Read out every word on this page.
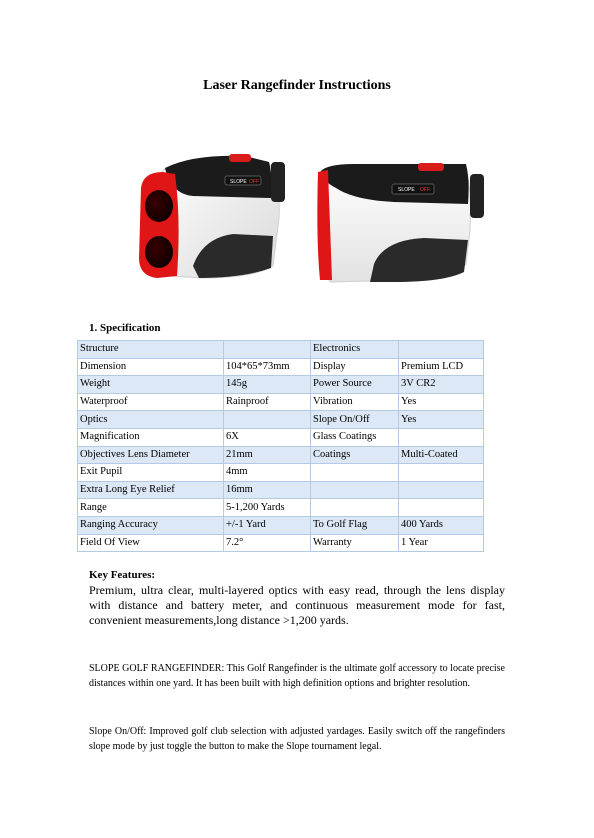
Laser Rangefinder Instructions
SLOPE OFF
SLOPE OFF
1. Specification
Structure		Electronics	
Dimension	104*65*73mm	Display	Premium LCD
Weight	145g	Power Source	3V CR2
Waterproof	Rainproof	Vibration	Yes
Optics		Slope On/Off	Yes
Magnification	6X	Glass Coatings	
Objectives Lens Diameter	21mm	Coatings	Multi-Coated
Exit Pupil	4mm		
Extra Long Eye Relief	16mm		
Range	5-1,200 Yards		
Ranging Accuracy	+/-1 Yard	To Golf Flag	400 Yards
Field Of View	7.2°	Warranty	1 Year
Key Features:
Premium, ultra clear, multi-layered optics with easy read, through the lens display with distance and battery meter, and continuous measurement mode for fast, convenient measurements,long distance >1,200 yards.
SLOPE GOLF RANGEFINDER: This Golf Rangefinder is the ultimate golf accessory to locate precise distances within one yard. It has been built with high definition options and brighter resolution.
Slope On/Off: Improved golf club selection with adjusted yardages. Easily switch off the rangefinders slope mode by just toggle the button to make the Slope tournament legal.
